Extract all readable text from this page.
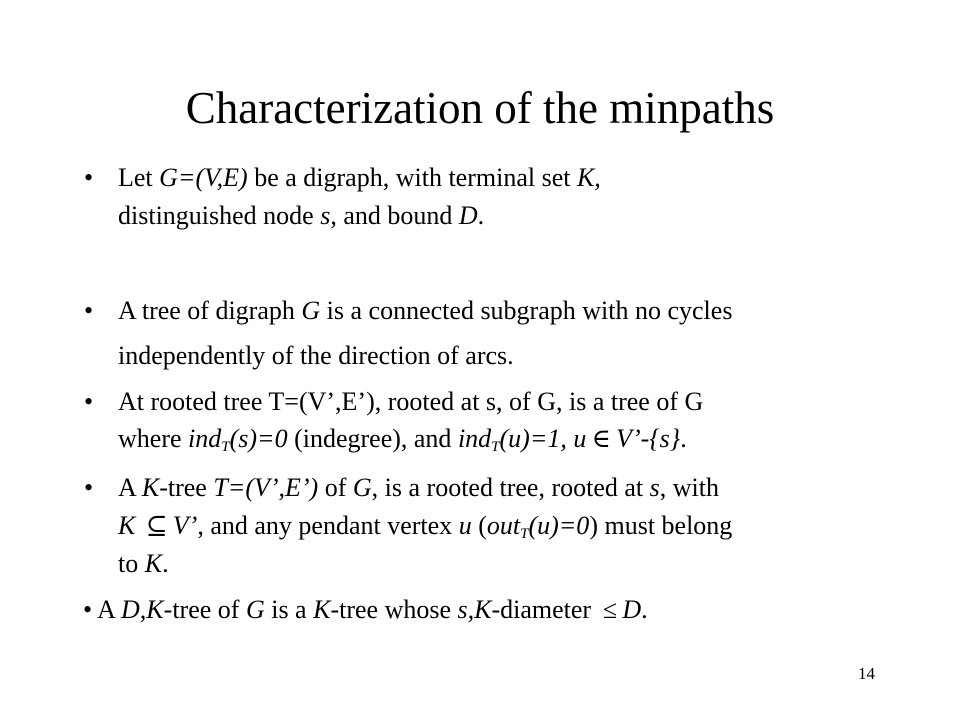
Characterization of the minpaths
• Let G=(V,E) be a digraph, with terminal set K,

distinguished node s, and bound D.

• A tree of digraph G is a connected subgraph with no cycles

independently of the direction of arcs.

• At rooted tree T=(V’,E’), rooted at s, of G, is a tree of G

where ind$_T$(s)=0 (indegree), and ind$_T$(u)=1, u  ∈  V’-{s}.

• A K-tree T=(V’,E’) of G, is a rooted tree, rooted at s, with

K   ⊆  V’, and any pendant vertex u (out$_T$(u)=0) must belong

to K.

• A D,K-tree of G is a K-tree whose s,K-diameter  ≤  D.

14
